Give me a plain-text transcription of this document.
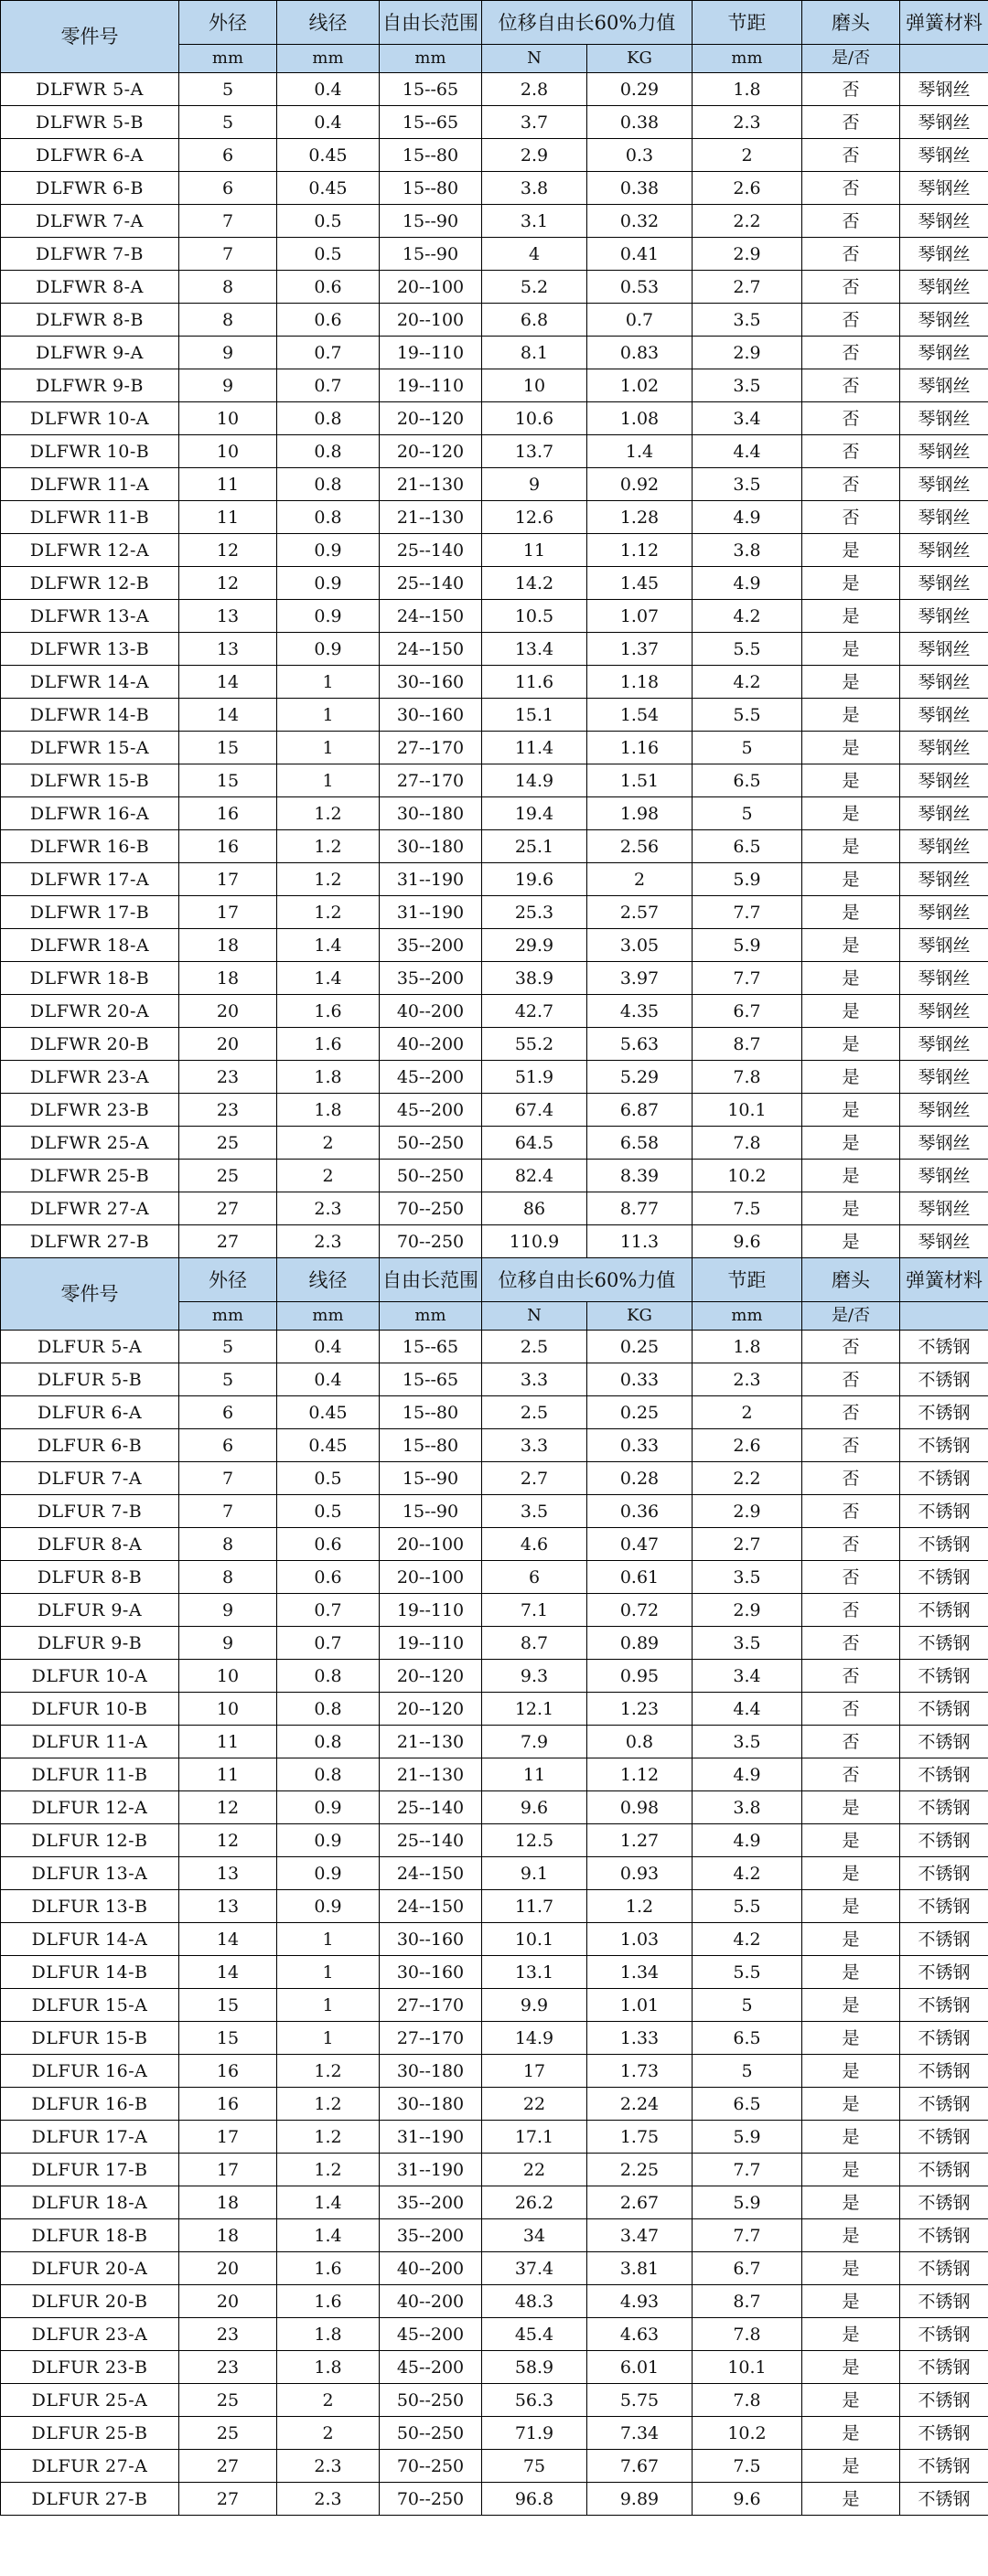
零件号	外径	线径	自由长范围	位移自由长60%力值		节距	磨头	弹簧材料
	mm	mm	mm	N	KG	mm	是/否	
DLFWR 5-A	5	0.4	15--65	2.8	0.29	1.8	否	琴钢丝
DLFWR 5-B	5	0.4	15--65	3.7	0.38	2.3	否	琴钢丝
DLFWR 6-A	6	0.45	15--80	2.9	0.3	2	否	琴钢丝
DLFWR 6-B	6	0.45	15--80	3.8	0.38	2.6	否	琴钢丝
DLFWR 7-A	7	0.5	15--90	3.1	0.32	2.2	否	琴钢丝
DLFWR 7-B	7	0.5	15--90	4	0.41	2.9	否	琴钢丝
DLFWR 8-A	8	0.6	20--100	5.2	0.53	2.7	否	琴钢丝
DLFWR 8-B	8	0.6	20--100	6.8	0.7	3.5	否	琴钢丝
DLFWR 9-A	9	0.7	19--110	8.1	0.83	2.9	否	琴钢丝
DLFWR 9-B	9	0.7	19--110	10	1.02	3.5	否	琴钢丝
DLFWR 10-A	10	0.8	20--120	10.6	1.08	3.4	否	琴钢丝
DLFWR 10-B	10	0.8	20--120	13.7	1.4	4.4	否	琴钢丝
DLFWR 11-A	11	0.8	21--130	9	0.92	3.5	否	琴钢丝
DLFWR 11-B	11	0.8	21--130	12.6	1.28	4.9	否	琴钢丝
DLFWR 12-A	12	0.9	25--140	11	1.12	3.8	是	琴钢丝
DLFWR 12-B	12	0.9	25--140	14.2	1.45	4.9	是	琴钢丝
DLFWR 13-A	13	0.9	24--150	10.5	1.07	4.2	是	琴钢丝
DLFWR 13-B	13	0.9	24--150	13.4	1.37	5.5	是	琴钢丝
DLFWR 14-A	14	1	30--160	11.6	1.18	4.2	是	琴钢丝
DLFWR 14-B	14	1	30--160	15.1	1.54	5.5	是	琴钢丝
DLFWR 15-A	15	1	27--170	11.4	1.16	5	是	琴钢丝
DLFWR 15-B	15	1	27--170	14.9	1.51	6.5	是	琴钢丝
DLFWR 16-A	16	1.2	30--180	19.4	1.98	5	是	琴钢丝
DLFWR 16-B	16	1.2	30--180	25.1	2.56	6.5	是	琴钢丝
DLFWR 17-A	17	1.2	31--190	19.6	2	5.9	是	琴钢丝
DLFWR 17-B	17	1.2	31--190	25.3	2.57	7.7	是	琴钢丝
DLFWR 18-A	18	1.4	35--200	29.9	3.05	5.9	是	琴钢丝
DLFWR 18-B	18	1.4	35--200	38.9	3.97	7.7	是	琴钢丝
DLFWR 20-A	20	1.6	40--200	42.7	4.35	6.7	是	琴钢丝
DLFWR 20-B	20	1.6	40--200	55.2	5.63	8.7	是	琴钢丝
DLFWR 23-A	23	1.8	45--200	51.9	5.29	7.8	是	琴钢丝
DLFWR 23-B	23	1.8	45--200	67.4	6.87	10.1	是	琴钢丝
DLFWR 25-A	25	2	50--250	64.5	6.58	7.8	是	琴钢丝
DLFWR 25-B	25	2	50--250	82.4	8.39	10.2	是	琴钢丝
DLFWR 27-A	27	2.3	70--250	86	8.77	7.5	是	琴钢丝
DLFWR 27-B	27	2.3	70--250	110.9	11.3	9.6	是	琴钢丝
零件号	外径	线径	自由长范围	位移自由长60%力值		节距	磨头	弹簧材料
	mm	mm	mm	N	KG	mm	是/否	
DLFUR 5-A	5	0.4	15--65	2.5	0.25	1.8	否	不锈钢
DLFUR 5-B	5	0.4	15--65	3.3	0.33	2.3	否	不锈钢
DLFUR 6-A	6	0.45	15--80	2.5	0.25	2	否	不锈钢
DLFUR 6-B	6	0.45	15--80	3.3	0.33	2.6	否	不锈钢
DLFUR 7-A	7	0.5	15--90	2.7	0.28	2.2	否	不锈钢
DLFUR 7-B	7	0.5	15--90	3.5	0.36	2.9	否	不锈钢
DLFUR 8-A	8	0.6	20--100	4.6	0.47	2.7	否	不锈钢
DLFUR 8-B	8	0.6	20--100	6	0.61	3.5	否	不锈钢
DLFUR 9-A	9	0.7	19--110	7.1	0.72	2.9	否	不锈钢
DLFUR 9-B	9	0.7	19--110	8.7	0.89	3.5	否	不锈钢
DLFUR 10-A	10	0.8	20--120	9.3	0.95	3.4	否	不锈钢
DLFUR 10-B	10	0.8	20--120	12.1	1.23	4.4	否	不锈钢
DLFUR 11-A	11	0.8	21--130	7.9	0.8	3.5	否	不锈钢
DLFUR 11-B	11	0.8	21--130	11	1.12	4.9	否	不锈钢
DLFUR 12-A	12	0.9	25--140	9.6	0.98	3.8	是	不锈钢
DLFUR 12-B	12	0.9	25--140	12.5	1.27	4.9	是	不锈钢
DLFUR 13-A	13	0.9	24--150	9.1	0.93	4.2	是	不锈钢
DLFUR 13-B	13	0.9	24--150	11.7	1.2	5.5	是	不锈钢
DLFUR 14-A	14	1	30--160	10.1	1.03	4.2	是	不锈钢
DLFUR 14-B	14	1	30--160	13.1	1.34	5.5	是	不锈钢
DLFUR 15-A	15	1	27--170	9.9	1.01	5	是	不锈钢
DLFUR 15-B	15	1	27--170	14.9	1.33	6.5	是	不锈钢
DLFUR 16-A	16	1.2	30--180	17	1.73	5	是	不锈钢
DLFUR 16-B	16	1.2	30--180	22	2.24	6.5	是	不锈钢
DLFUR 17-A	17	1.2	31--190	17.1	1.75	5.9	是	不锈钢
DLFUR 17-B	17	1.2	31--190	22	2.25	7.7	是	不锈钢
DLFUR 18-A	18	1.4	35--200	26.2	2.67	5.9	是	不锈钢
DLFUR 18-B	18	1.4	35--200	34	3.47	7.7	是	不锈钢
DLFUR 20-A	20	1.6	40--200	37.4	3.81	6.7	是	不锈钢
DLFUR 20-B	20	1.6	40--200	48.3	4.93	8.7	是	不锈钢
DLFUR 23-A	23	1.8	45--200	45.4	4.63	7.8	是	不锈钢
DLFUR 23-B	23	1.8	45--200	58.9	6.01	10.1	是	不锈钢
DLFUR 25-A	25	2	50--250	56.3	5.75	7.8	是	不锈钢
DLFUR 25-B	25	2	50--250	71.9	7.34	10.2	是	不锈钢
DLFUR 27-A	27	2.3	70--250	75	7.67	7.5	是	不锈钢
DLFUR 27-B	27	2.3	70--250	96.8	9.89	9.6	是	不锈钢
